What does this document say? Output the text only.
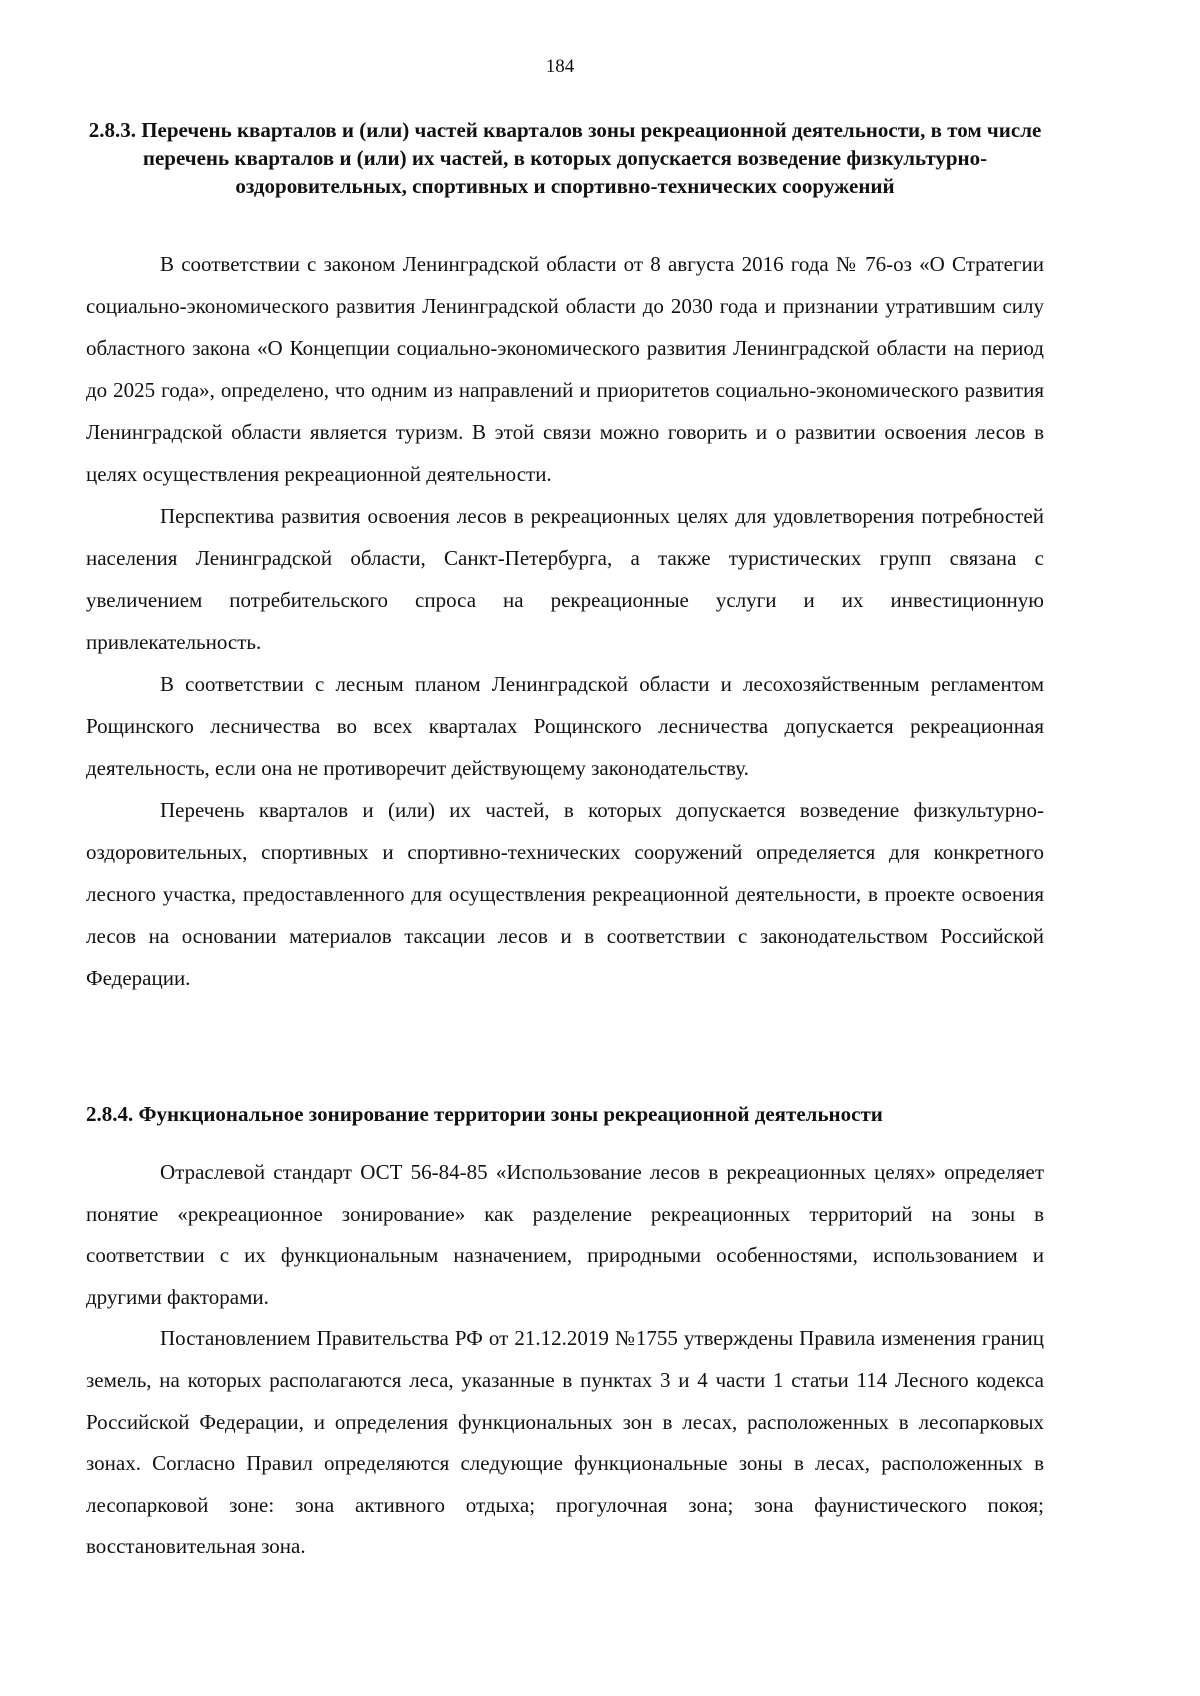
184
2.8.3. Перечень кварталов и (или) частей кварталов зоны рекреационной деятельности, в том числе перечень кварталов и (или) их частей, в которых допускается возведение физкультурно-оздоровительных, спортивных и спортивно-технических сооружений

В соответствии с законом Ленинградской области от 8 августа 2016 года № 76-оз «О Стратегии социально-экономического развития Ленинградской области до 2030 года и признании утратившим силу областного закона «О Концепции социально-экономического развития Ленинградской области на период до 2025 года», определено, что одним из направлений и приоритетов социально-экономического развития Ленинградской области является туризм. В этой связи можно говорить и о развитии освоения лесов в целях осуществления рекреационной деятельности.

Перспектива развития освоения лесов в рекреационных целях для удовлетворения потребностей населения Ленинградской области, Санкт-Петербурга, а также туристических групп связана с увеличением потребительского спроса на рекреационные услуги и их инвестиционную привлекательность.

В соответствии с лесным планом Ленинградской области и лесохозяйственным регламентом Рощинского лесничества во всех кварталах Рощинского лесничества допускается рекреационная деятельность, если она не противоречит действующему законодательству.

Перечень кварталов и (или) их частей, в которых допускается возведение физкультурно-оздоровительных, спортивных и спортивно-технических сооружений определяется для конкретного лесного участка, предоставленного для осуществления рекреационной деятельности, в проекте освоения лесов на основании материалов таксации лесов и в соответствии с законодательством Российской Федерации.

2.8.4. Функциональное зонирование территории зоны рекреационной деятельности

Отраслевой стандарт ОСТ 56-84-85 «Использование лесов в рекреационных целях» определяет понятие «рекреационное зонирование» как разделение рекреационных территорий на зоны в соответствии с их функциональным назначением, природными особенностями, использованием и другими факторами.

Постановлением Правительства РФ от 21.12.2019 №1755 утверждены Правила изменения границ земель, на которых располагаются леса, указанные в пунктах 3 и 4 части 1 статьи 114 Лесного кодекса Российской Федерации, и определения функциональных зон в лесах, расположенных в лесопарковых зонах. Согласно Правил определяются следующие функциональные зоны в лесах, расположенных в лесопарковой зоне: зона активного отдыха; прогулочная зона; зона фаунистического покоя; восстановительная зона.
